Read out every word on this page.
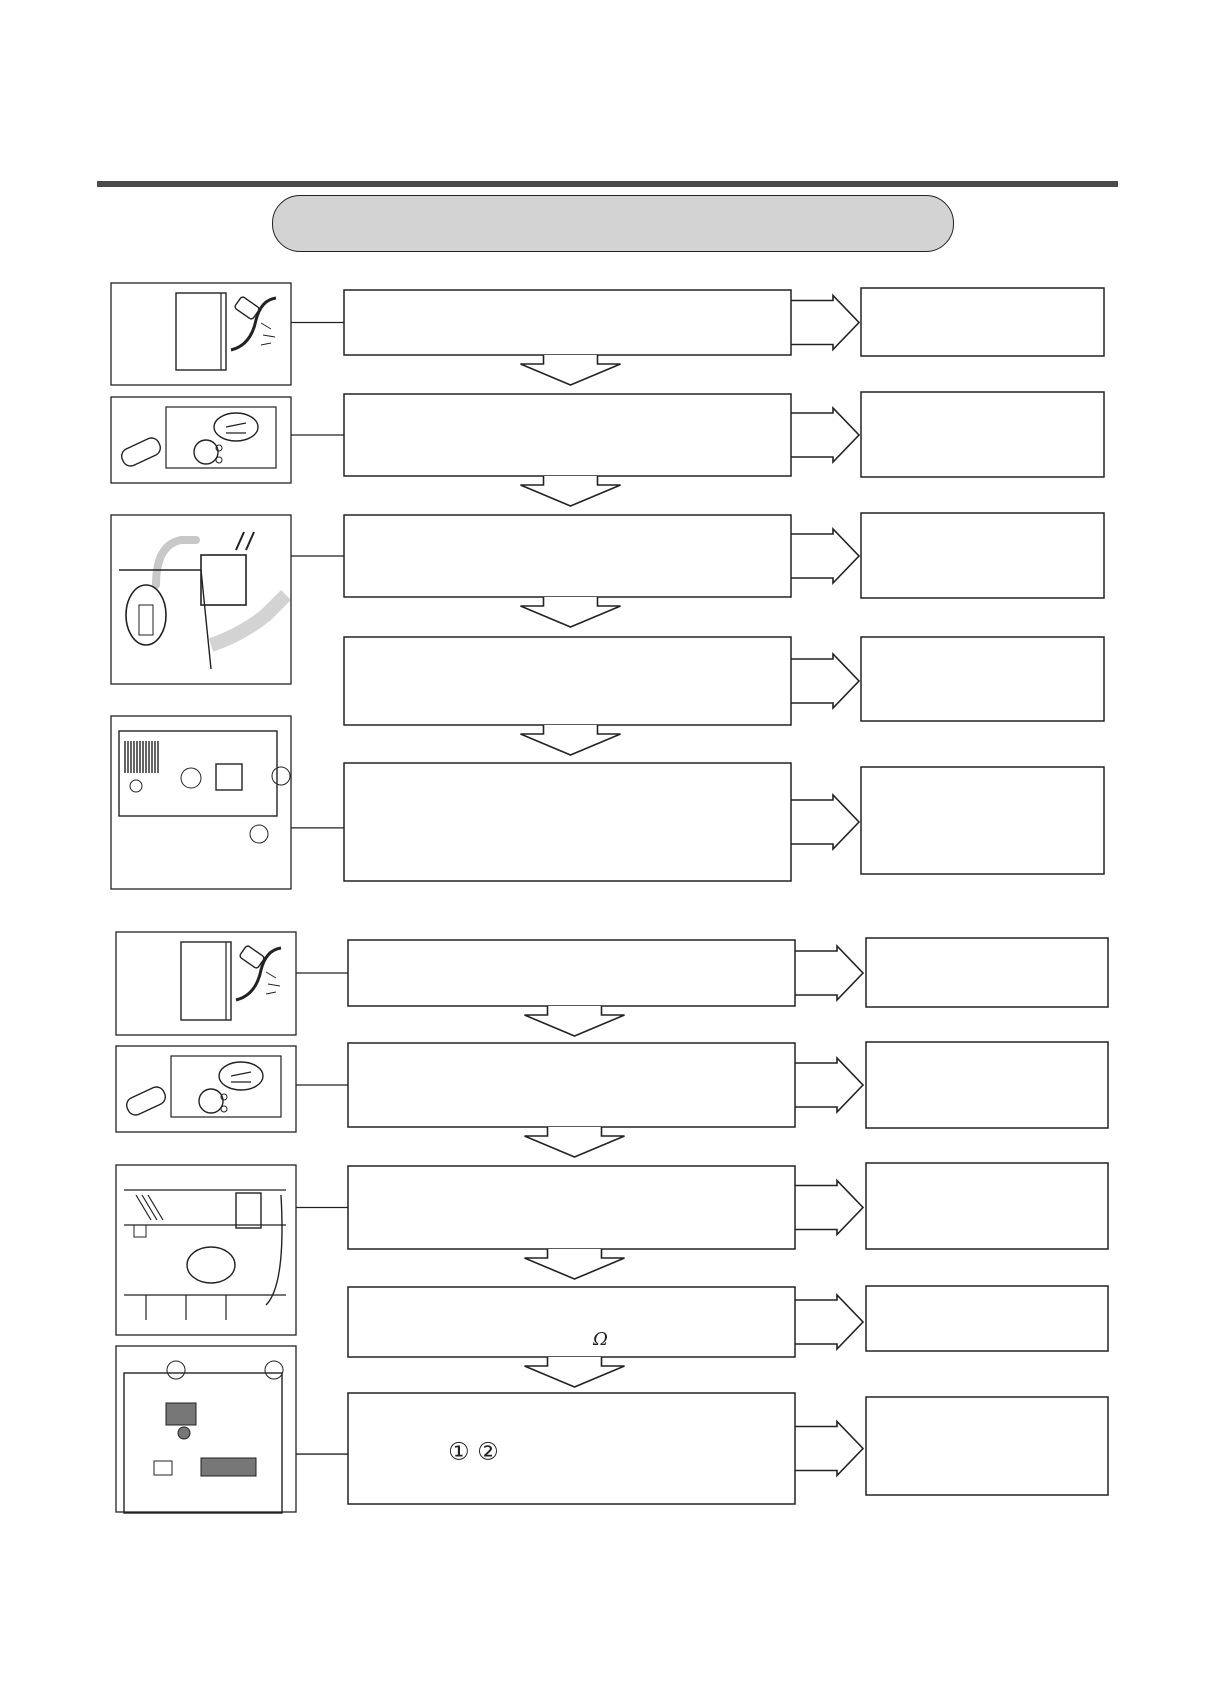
Ω
① ②
